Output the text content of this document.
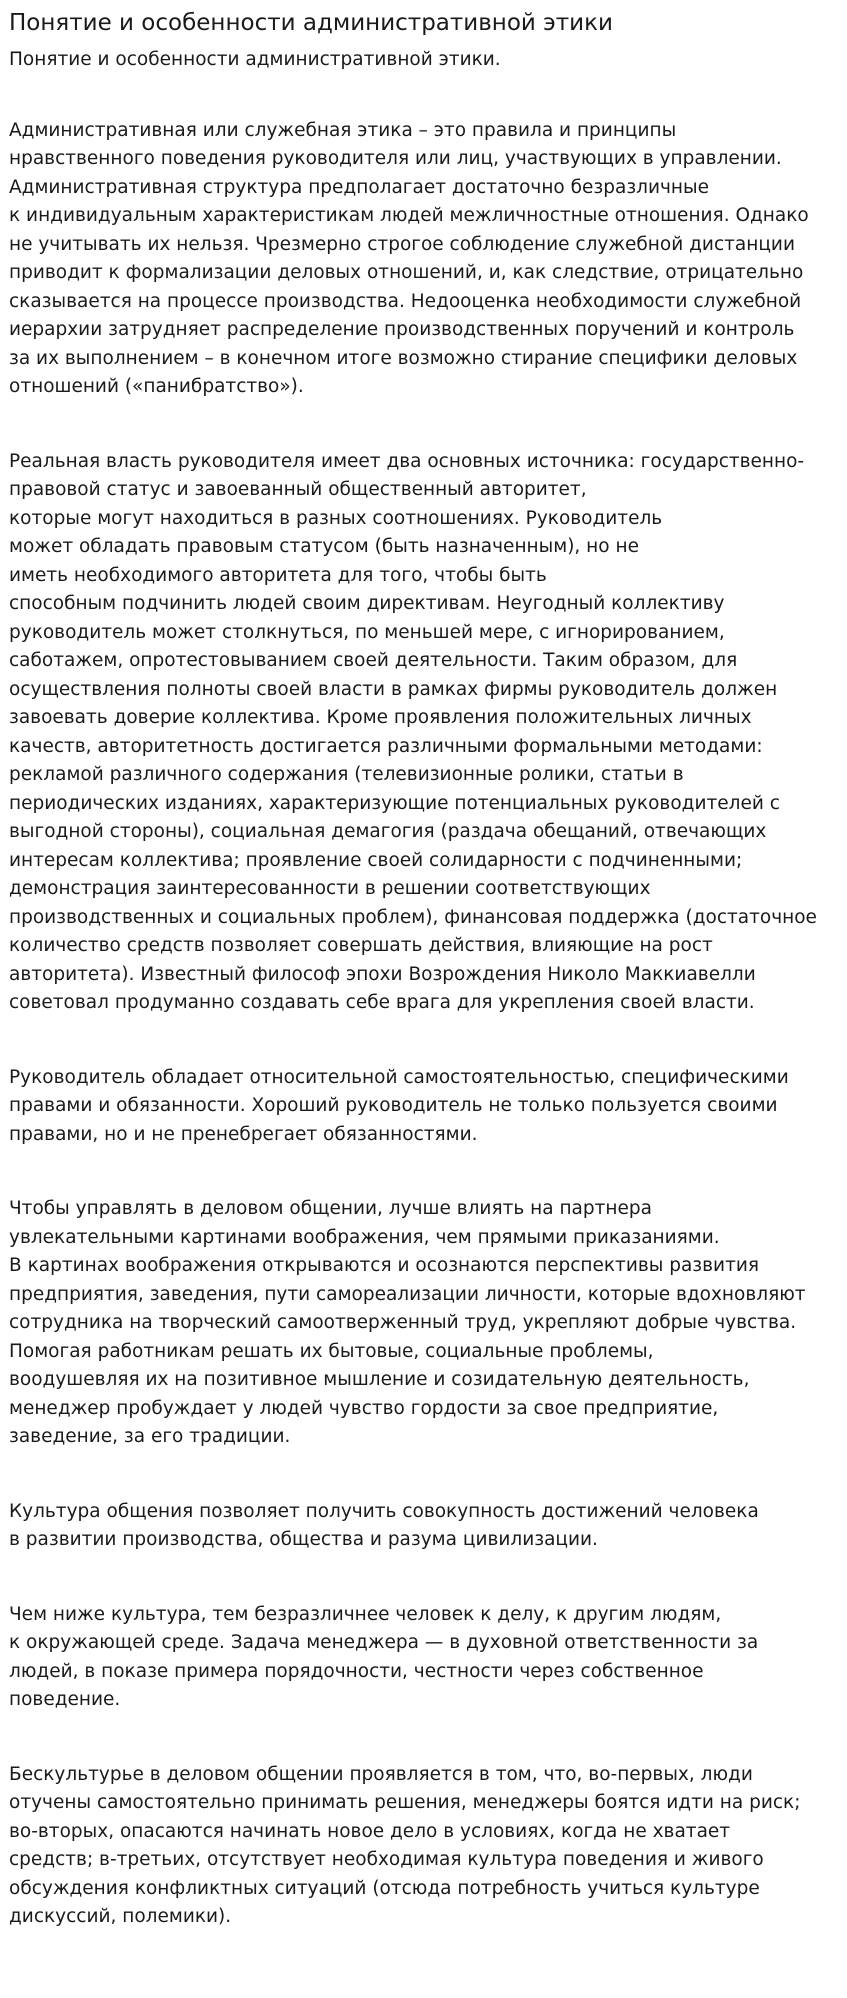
Понятие и особенности административной этики
Понятие и особенности административной этики.

Административная или служебная этика – это правила и принципы
нравственного поведения руководителя или лиц, участвующих в управлении.
Административная структура предполагает достаточно безразличные
к индивидуальным характеристикам людей межличностные отношения. Однако
не учитывать их нельзя. Чрезмерно строгое соблюдение служебной дистанции
приводит к формализации деловых отношений, и, как следствие, отрицательно
сказывается на процессе производства. Недооценка необходимости служебной
иерархии затрудняет распределение производственных поручений и контроль
за их выполнением – в конечном итоге возможно стирание специфики деловых
отношений («панибратство»).

Реальная власть руководителя имеет два основных источника: государственно-
правовой статус и завоеванный общественный авторитет,
которые могут находиться в разных соотношениях. Руководитель
может обладать правовым статусом (быть назначенным), но не
иметь необходимого авторитета для того, чтобы быть
способным подчинить людей своим директивам. Неугодный коллективу
руководитель может столкнуться, по меньшей мере, с игнорированием,
саботажем, опротестовыванием своей деятельности. Таким образом, для
осуществления полноты своей власти в рамках фирмы руководитель должен
завоевать доверие коллектива. Кроме проявления положительных личных
качеств, авторитетность достигается различными формальными методами:
рекламой различного содержания (телевизионные ролики, статьи в
периодических изданиях, характеризующие потенциальных руководителей с
выгодной стороны), социальная демагогия (раздача обещаний, отвечающих
интересам коллектива; проявление своей солидарности с подчиненными;
демонстрация заинтересованности в решении соответствующих
производственных и социальных проблем), финансовая поддержка (достаточное
количество средств позволяет совершать действия, влияющие на рост
авторитета). Известный философ эпохи Возрождения Николо Маккиавелли
советовал продуманно создавать себе врага для укрепления своей власти.

Руководитель обладает относительной самостоятельностью, специфическими
правами и обязанности. Хороший руководитель не только пользуется своими
правами, но и не пренебрегает обязанностями.

Чтобы управлять в деловом общении, лучше влиять на партнера
увлекательными картинами воображения, чем прямыми приказаниями.
В картинах воображения открываются и осознаются перспективы развития
предприятия, заведения, пути самореализации личности, которые вдохновляют
сотрудника на творческий самоотверженный труд, укрепляют добрые чувства.
Помогая работникам решать их бытовые, социальные проблемы,
воодушевляя их на позитивное мышление и созидательную деятельность,
менеджер пробуждает у людей чувство гордости за свое предприятие,
заведение, за его традиции.

Культура общения позволяет получить совокупность достижений человека
в развитии производства, общества и разума цивилизации.

Чем ниже культура, тем безразличнее человек к делу, к другим людям,
к окружающей среде. Задача менеджера — в духовной ответственности за
людей, в показе примера порядочности, честности через собственное
поведение.

Бескультурье в деловом общении проявляется в том, что, во-первых, люди
отучены самостоятельно принимать решения, менеджеры боятся идти на риск;
во-вторых, опасаются начинать новое дело в условиях, когда не хватает
средств; в-третьих, отсутствует необходимая культура поведения и живого
обсуждения конфликтных ситуаций (отсюда потребность учиться культуре
дискуссий, полемики).
